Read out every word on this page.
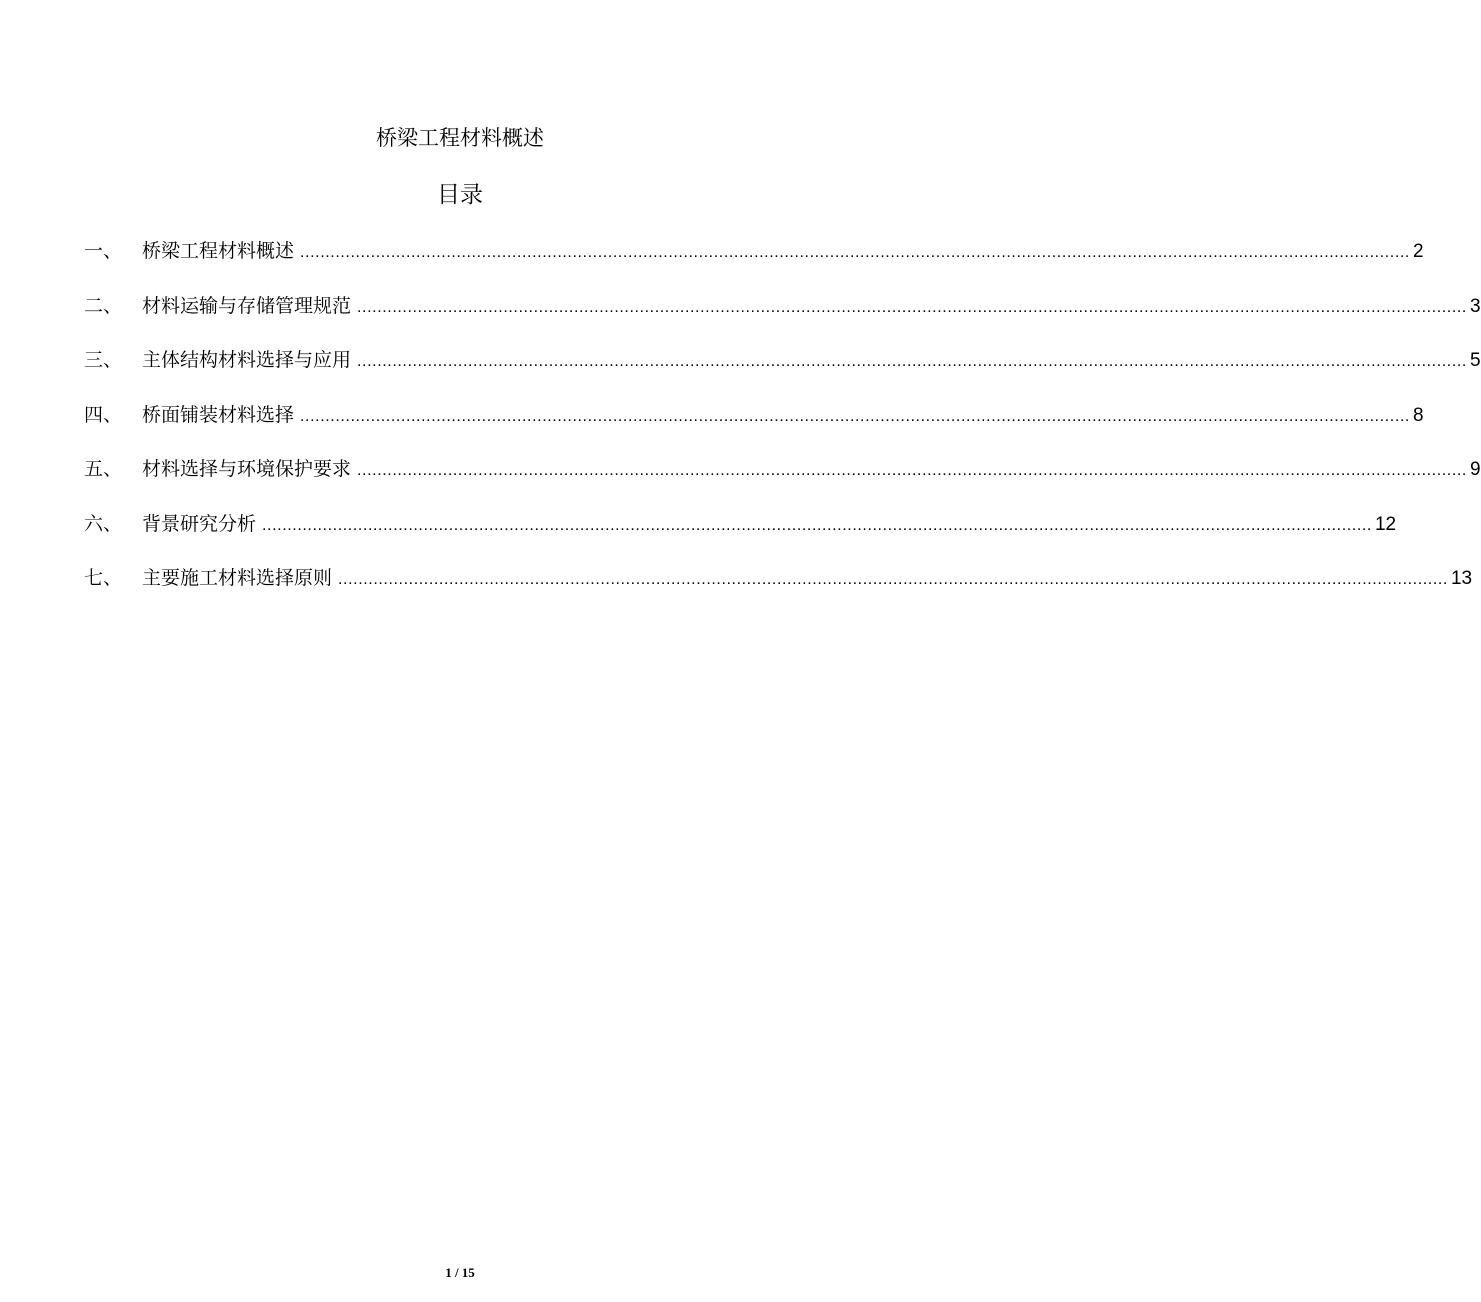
桥梁工程材料概述
目录
一、	桥梁工程材料概述 ............................................................................................................................................................................................................................ 2
二、	材料运输与存储管理规范 ............................................................................................................................................................................................................................ 3
三、	主体结构材料选择与应用 ............................................................................................................................................................................................................................ 5
四、	桥面铺装材料选择 ............................................................................................................................................................................................................................ 8
五、	材料选择与环境保护要求 ............................................................................................................................................................................................................................ 9
六、	背景研究分析 ............................................................................................................................................................................................................................ 12
七、	主要施工材料选择原则 ............................................................................................................................................................................................................................ 13
1 / 15
